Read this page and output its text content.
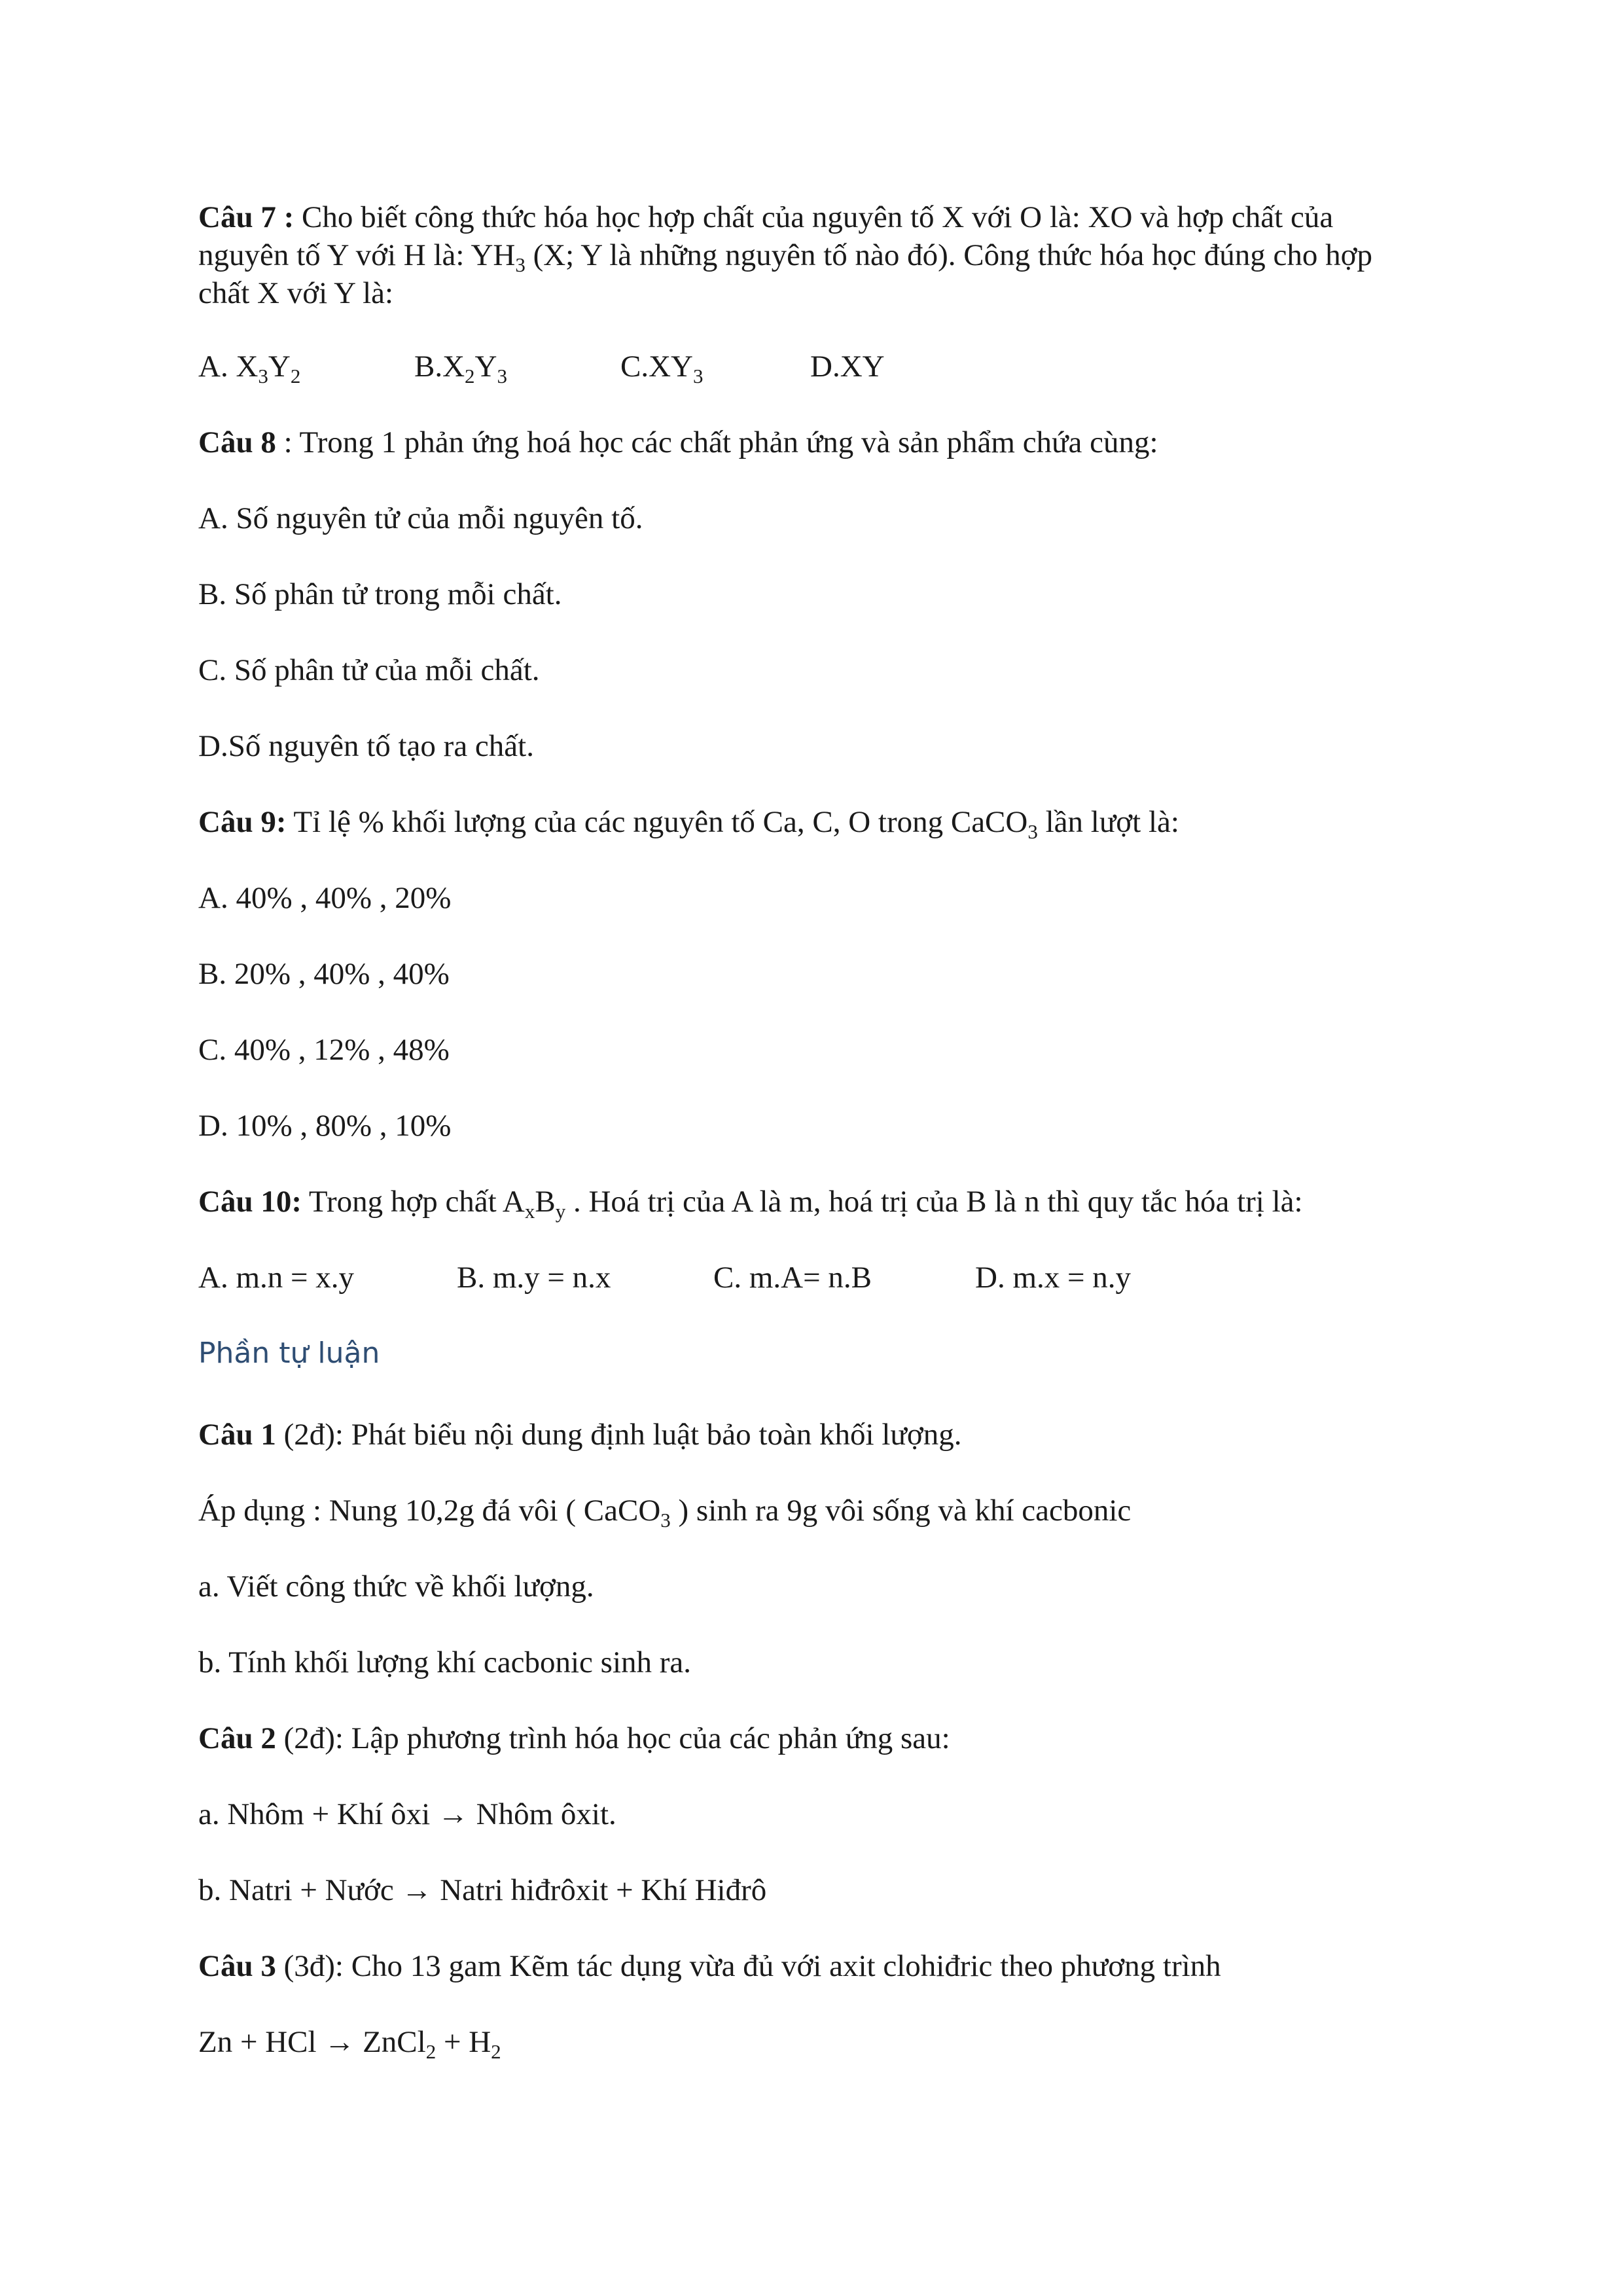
Câu 7 : Cho biết công thức hóa học hợp chất của nguyên tố X với O là: XO và hợp chất của nguyên tố Y với H là: $YH_3$ (X; Y là những nguyên tố nào đó). Công thức hóa học đúng cho hợp chất X với Y là:

A. $X_3Y_2$	$B.X_2Y_3$	$C.XY_3$	D.XY

Câu 8 : Trong 1 phản ứng hoá học các chất phản ứng và sản phẩm chứa cùng:

A. Số nguyên tử của mỗi nguyên tố.

B. Số phân tử trong mỗi chất.

C. Số phân tử của mỗi chất.

D.Số nguyên tố tạo ra chất.

Câu 9: Tỉ lệ % khối lượng của các nguyên tố Ca, C, O trong CaCO$_3$ lần lượt là:

A. 40% , 40% , 20%

B. 20% , 40% , 40%

C. 40% , 12% , 48%

D. 10% , 80% , 10%

Câu 10: Trong hợp chất $A_xB_y$ . Hoá trị của A là m, hoá trị của B là n thì quy tắc hóa trị là:

A. m.n = x.y	B. m.y = n.x	C. m.A= n.B	D. m.x = n.y

Phần tự luận

Câu 1 (2đ): Phát biểu nội dung định luật bảo toàn khối lượng.

Áp dụng : Nung 10,2g đá vôi ( CaCO$_3$ ) sinh ra 9g vôi sống và khí cacbonic

a. Viết công thức về khối lượng.

b. Tính khối lượng khí cacbonic sinh ra.

Câu 2 (2đ): Lập phương trình hóa học của các phản ứng sau:

a. Nhôm + Khí ôxi → Nhôm ôxit.

b. Natri + Nước → Natri hiđrôxit + Khí Hiđrô

Câu 3 (3đ): Cho 13 gam Kẽm tác dụng vừa đủ với axit clohiđric theo phương trình

Zn + HCl → ZnCl$_2$ + $H_2$
